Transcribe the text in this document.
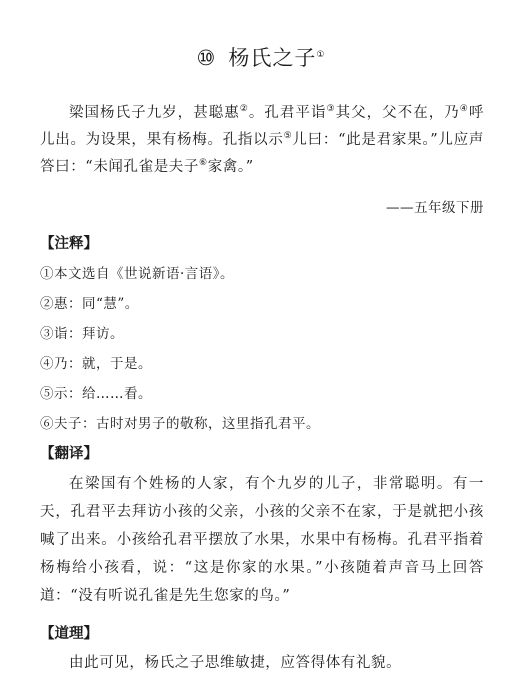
⑩ 杨氏之子①
梁国杨氏子九岁，甚聪惠②。孔君平诣③其父，父不在，乃④呼儿出。为设果，果有杨梅。孔指以示⑤儿曰：“此是君家果。”儿应声答曰：“未闻孔雀是夫子⑥家禽。”
——五年级下册
【注释】
①本文选自《世说新语·言语》。
②惠：同“慧”。
③诣：拜访。
④乃：就，于是。
⑤示：给……看。
⑥夫子：古时对男子的敬称，这里指孔君平。
【翻译】
在梁国有个姓杨的人家，有个九岁的儿子，非常聪明。有一天，孔君平去拜访小孩的父亲，小孩的父亲不在家，于是就把小孩喊了出来。小孩给孔君平摆放了水果，水果中有杨梅。孔君平指着杨梅给小孩看，说：“这是你家的水果。”小孩随着声音马上回答道：“没有听说孔雀是先生您家的鸟。”
【道理】
由此可见，杨氏之子思维敏捷，应答得体有礼貌。
